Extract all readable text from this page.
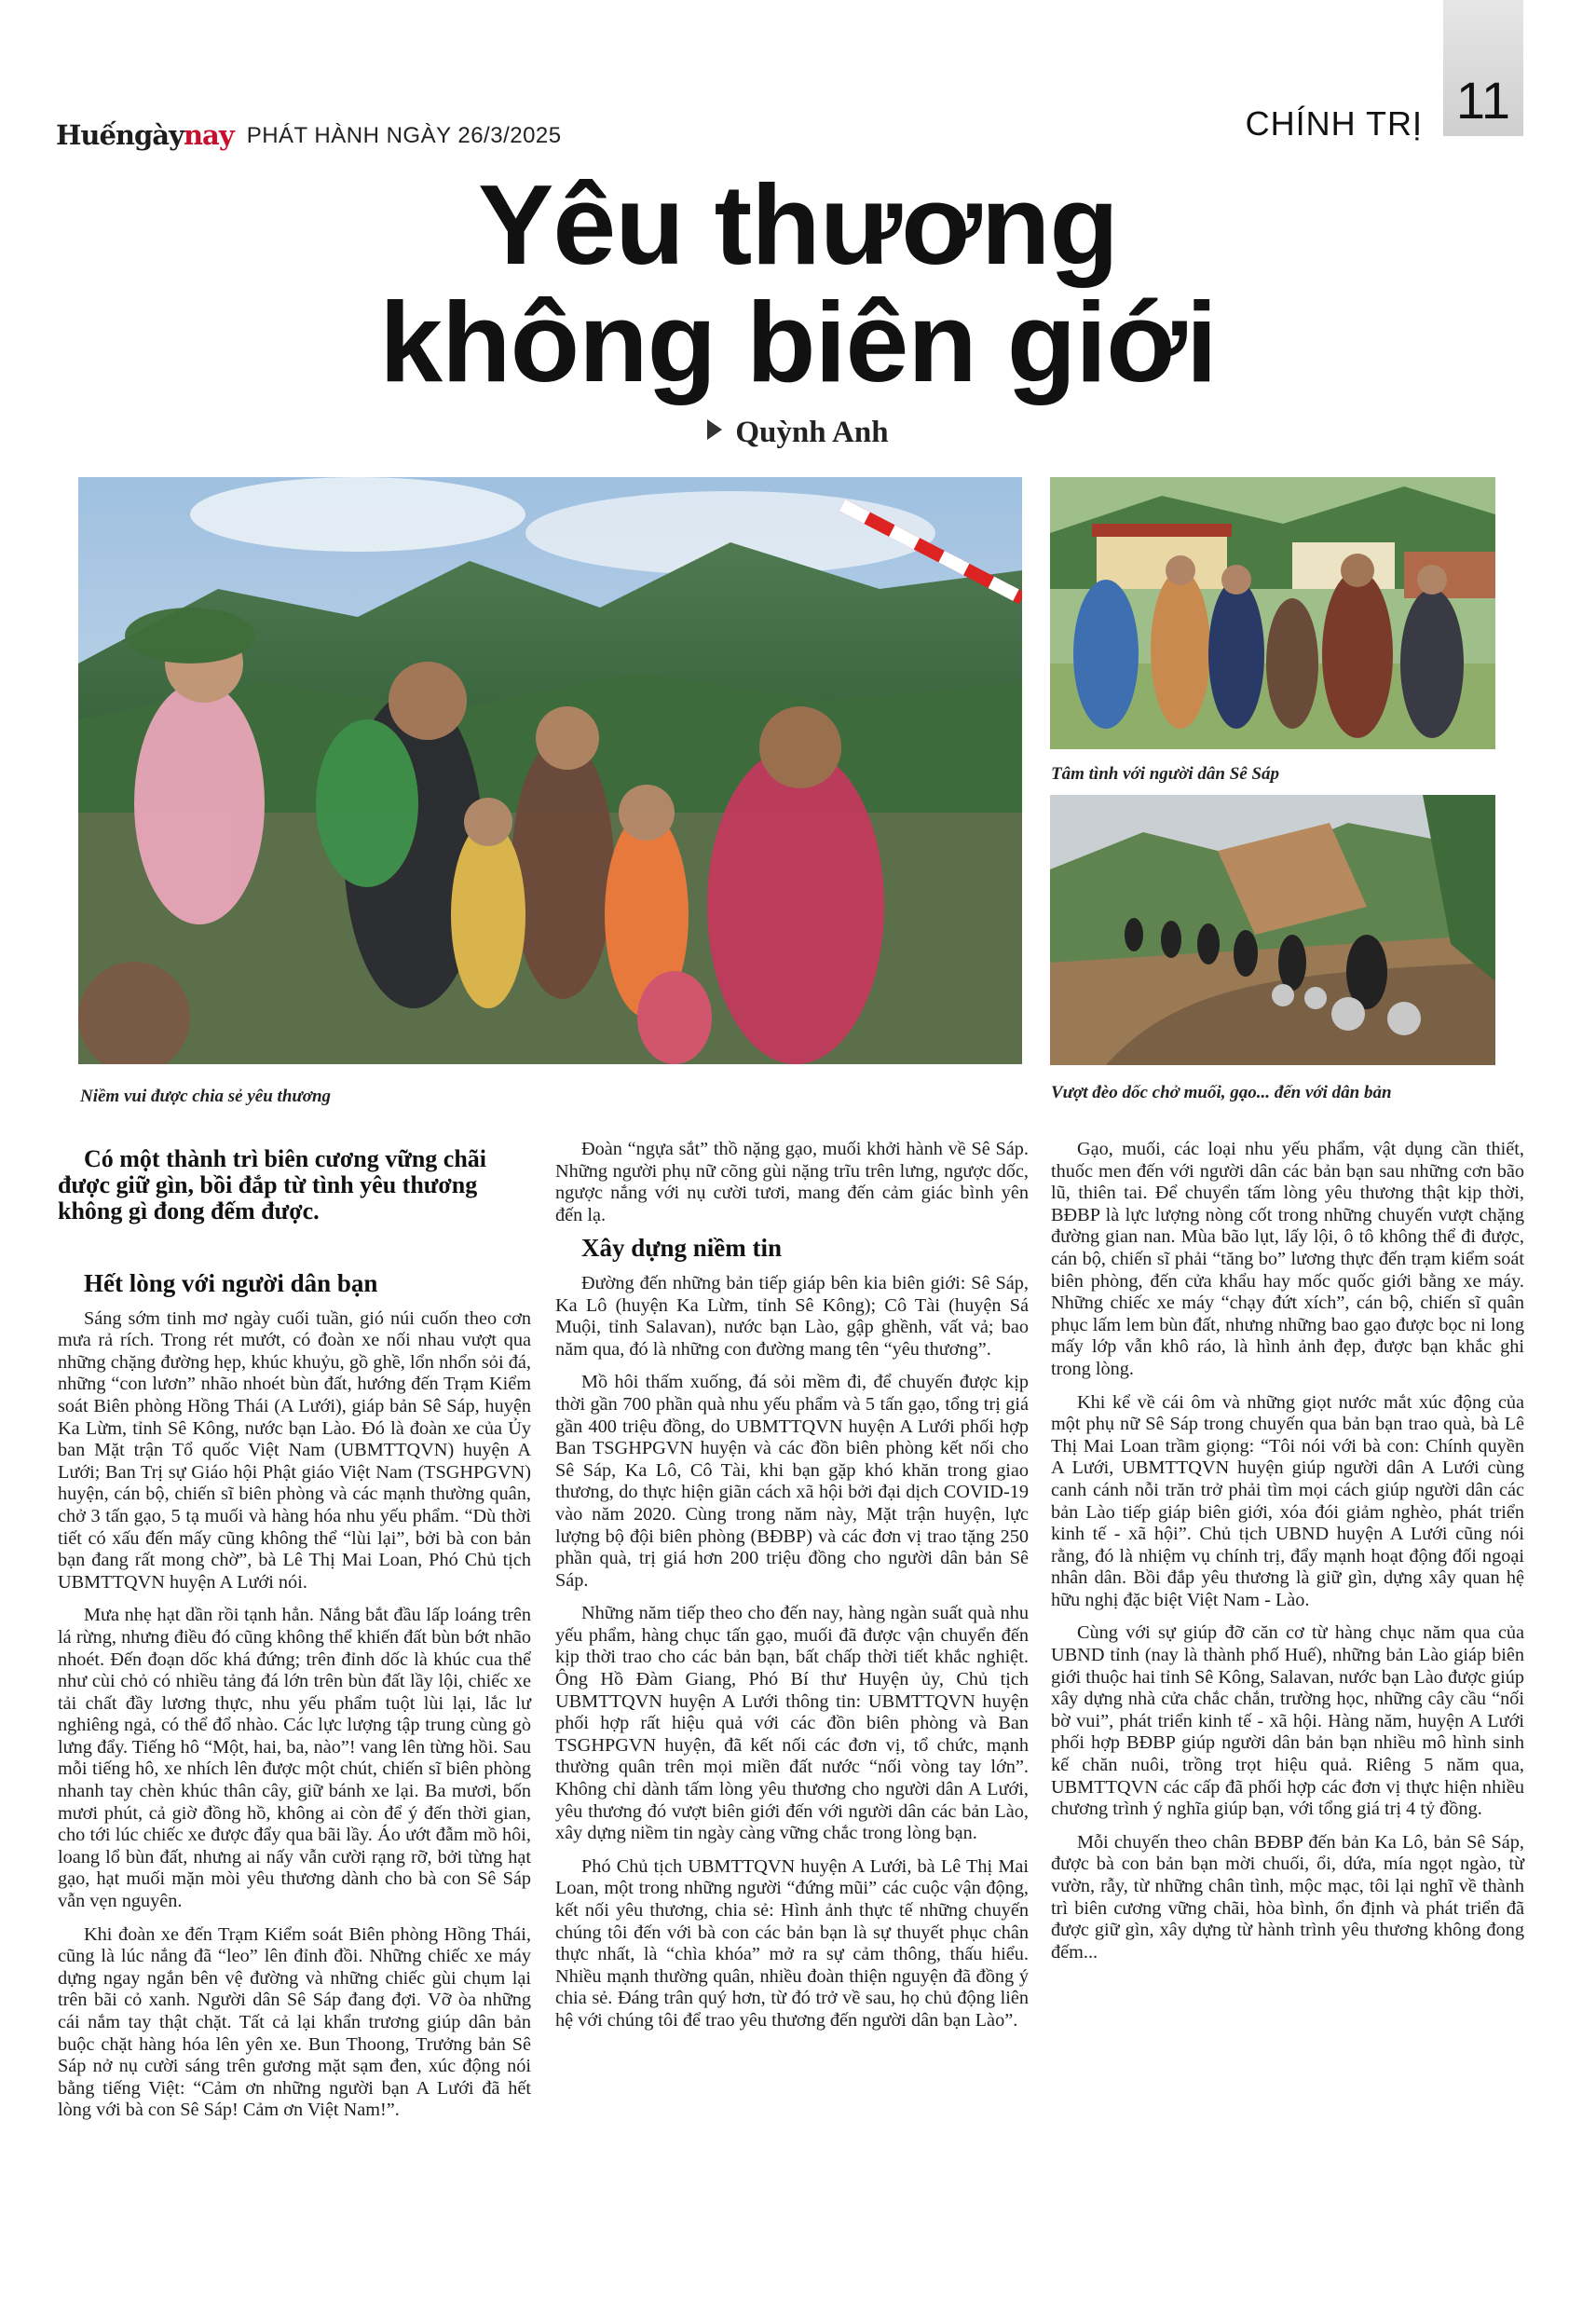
Huếngàynay PHÁT HÀNH NGÀY 26/3/2025	CHÍNH TRỊ 11
Yêu thương
không biên giới
Quỳnh Anh
Niềm vui được chia sẻ yêu thương
Tâm tình với người dân Sê Sáp
Vượt đèo dốc chở muối, gạo... đến với dân bản

Có một thành trì biên cương vững chãi được giữ gìn, bồi đắp từ tình yêu thương không gì đong đếm được.

Hết lòng với người dân bạn

Sáng sớm tinh mơ ngày cuối tuần, gió núi cuốn theo cơn mưa rả rích. Trong rét mướt, có đoàn xe nối nhau vượt qua những chặng đường hẹp, khúc khuỷu, gồ ghề, lổn nhổn sỏi đá, những “con lươn” nhão nhoét bùn đất, hướng đến Trạm Kiểm soát Biên phòng Hồng Thái (A Lưới), giáp bản Sê Sáp, huyện Ka Lừm, tỉnh Sê Kông, nước bạn Lào. Đó là đoàn xe của Ủy ban Mặt trận Tổ quốc Việt Nam (UBMTTQVN) huyện A Lưới; Ban Trị sự Giáo hội Phật giáo Việt Nam (TSGHPGVN) huyện, cán bộ, chiến sĩ biên phòng và các mạnh thường quân, chở 3 tấn gạo, 5 tạ muối và hàng hóa nhu yếu phẩm. “Dù thời tiết có xấu đến mấy cũng không thể “lùi lại”, bởi bà con bản bạn đang rất mong chờ”, bà Lê Thị Mai Loan, Phó Chủ tịch UBMTTQVN huyện A Lưới nói.

Mưa nhẹ hạt dần rồi tạnh hẳn. Nắng bắt đầu lấp loáng trên lá rừng, nhưng điều đó cũng không thể khiến đất bùn bớt nhão nhoét. Đến đoạn dốc khá đứng; trên đỉnh dốc là khúc cua thể như cùi chỏ có nhiều tảng đá lớn trên bùn đất lầy lội, chiếc xe tải chất đầy lương thực, nhu yếu phẩm tuột lùi lại, lắc lư nghiêng ngả, có thể đổ nhào. Các lực lượng tập trung cùng gò lưng đẩy. Tiếng hô “Một, hai, ba, nào”! vang lên từng hồi. Sau mỗi tiếng hô, xe nhích lên được một chút, chiến sĩ biên phòng nhanh tay chèn khúc thân cây, giữ bánh xe lại. Ba mươi, bốn mươi phút, cả giờ đồng hồ, không ai còn để ý đến thời gian, cho tới lúc chiếc xe được đẩy qua bãi lầy. Áo ướt đẫm mồ hôi, loang lổ bùn đất, nhưng ai nấy vẫn cười rạng rỡ, bởi từng hạt gạo, hạt muối mặn mòi yêu thương dành cho bà con Sê Sáp vẫn vẹn nguyên.

Khi đoàn xe đến Trạm Kiểm soát Biên phòng Hồng Thái, cũng là lúc nắng đã “leo” lên đỉnh đồi. Những chiếc xe máy dựng ngay ngắn bên vệ đường và những chiếc gùi chụm lại trên bãi cỏ xanh. Người dân Sê Sáp đang đợi. Vỡ òa những cái nắm tay thật chặt. Tất cả lại khẩn trương giúp dân bản buộc chặt hàng hóa lên yên xe. Bun Thoong, Trưởng bản Sê Sáp nở nụ cười sáng trên gương mặt sạm đen, xúc động nói bằng tiếng Việt: “Cảm ơn những người bạn A Lưới đã hết lòng với bà con Sê Sáp! Cảm ơn Việt Nam!”.

Đoàn “ngựa sắt” thồ nặng gạo, muối khởi hành về Sê Sáp. Những người phụ nữ cõng gùi nặng trĩu trên lưng, ngược dốc, ngược nắng với nụ cười tươi, mang đến cảm giác bình yên đến lạ.

Xây dựng niềm tin

Đường đến những bản tiếp giáp bên kia biên giới: Sê Sáp, Ka Lô (huyện Ka Lừm, tỉnh Sê Kông); Cô Tài (huyện Sá Muội, tỉnh Salavan), nước bạn Lào, gập ghềnh, vất vả; bao năm qua, đó là những con đường mang tên “yêu thương”.

Mồ hôi thấm xuống, đá sỏi mềm đi, để chuyến được kịp thời gần 700 phần quà nhu yếu phẩm và 5 tấn gạo, tổng trị giá gần 400 triệu đồng, do UBMTTQVN huyện A Lưới phối hợp Ban TSGHPGVN huyện và các đồn biên phòng kết nối cho Sê Sáp, Ka Lô, Cô Tài, khi bạn gặp khó khăn trong giao thương, do thực hiện giãn cách xã hội bởi đại dịch COVID-19 vào năm 2020. Cùng trong năm này, Mặt trận huyện, lực lượng bộ đội biên phòng (BĐBP) và các đơn vị trao tặng 250 phần quà, trị giá hơn 200 triệu đồng cho người dân bản Sê Sáp.

Những năm tiếp theo cho đến nay, hàng ngàn suất quà nhu yếu phẩm, hàng chục tấn gạo, muối đã được vận chuyển đến kịp thời trao cho các bản bạn, bất chấp thời tiết khắc nghiệt. Ông Hồ Đàm Giang, Phó Bí thư Huyện ủy, Chủ tịch UBMTTQVN huyện A Lưới thông tin: UBMTTQVN huyện phối hợp rất hiệu quả với các đồn biên phòng và Ban TSGHPGVN huyện, đã kết nối các đơn vị, tổ chức, mạnh thường quân trên mọi miền đất nước “nối vòng tay lớn”. Không chỉ dành tấm lòng yêu thương cho người dân A Lưới, yêu thương đó vượt biên giới đến với người dân các bản Lào, xây dựng niềm tin ngày càng vững chắc trong lòng bạn.

Phó Chủ tịch UBMTTQVN huyện A Lưới, bà Lê Thị Mai Loan, một trong những người “đứng mũi” các cuộc vận động, kết nối yêu thương, chia sẻ: Hình ảnh thực tế những chuyến chúng tôi đến với bà con các bản bạn là sự thuyết phục chân thực nhất, là “chìa khóa” mở ra sự cảm thông, thấu hiểu. Nhiều mạnh thường quân, nhiều đoàn thiện nguyện đã đồng ý chia sẻ. Đáng trân quý hơn, từ đó trở về sau, họ chủ động liên hệ với chúng tôi để trao yêu thương đến người dân bạn Lào”.

Gạo, muối, các loại nhu yếu phẩm, vật dụng cần thiết, thuốc men đến với người dân các bản bạn sau những cơn bão lũ, thiên tai. Để chuyển tấm lòng yêu thương thật kịp thời, BĐBP là lực lượng nòng cốt trong những chuyến vượt chặng đường gian nan. Mùa bão lụt, lấy lội, ô tô không thể đi được, cán bộ, chiến sĩ phải “tăng bo” lương thực đến trạm kiểm soát biên phòng, đến cửa khẩu hay mốc quốc giới bằng xe máy. Những chiếc xe máy “chạy đứt xích”, cán bộ, chiến sĩ quân phục lấm lem bùn đất, nhưng những bao gạo được bọc ni long mấy lớp vẫn khô ráo, là hình ảnh đẹp, được bạn khắc ghi trong lòng.

Khi kể về cái ôm và những giọt nước mắt xúc động của một phụ nữ Sê Sáp trong chuyến qua bản bạn trao quà, bà Lê Thị Mai Loan trầm giọng: “Tôi nói với bà con: Chính quyền A Lưới, UBMTTQVN huyện giúp người dân A Lưới cùng canh cánh nỗi trăn trở phải tìm mọi cách giúp người dân các bản Lào tiếp giáp biên giới, xóa đói giảm nghèo, phát triển kinh tế - xã hội”. Chủ tịch UBND huyện A Lưới cũng nói rằng, đó là nhiệm vụ chính trị, đẩy mạnh hoạt động đối ngoại nhân dân. Bồi đắp yêu thương là giữ gìn, dựng xây quan hệ hữu nghị đặc biệt Việt Nam - Lào.

Cùng với sự giúp đỡ căn cơ từ hàng chục năm qua của UBND tỉnh (nay là thành phố Huế), những bản Lào giáp biên giới thuộc hai tỉnh Sê Kông, Salavan, nước bạn Lào được giúp xây dựng nhà cửa chắc chắn, trường học, những cây cầu “nối bờ vui”, phát triển kinh tế - xã hội. Hàng năm, huyện A Lưới phối hợp BĐBP giúp người dân bản bạn nhiều mô hình sinh kế chăn nuôi, trồng trọt hiệu quả. Riêng 5 năm qua, UBMTTQVN các cấp đã phối hợp các đơn vị thực hiện nhiều chương trình ý nghĩa giúp bạn, với tổng giá trị 4 tỷ đồng.

Mỗi chuyến theo chân BĐBP đến bản Ka Lô, bản Sê Sáp, được bà con bản bạn mời chuối, ổi, dứa, mía ngọt ngào, từ vườn, rẫy, từ những chân tình, mộc mạc, tôi lại nghĩ về thành trì biên cương vững chãi, hòa bình, ổn định và phát triển đã được giữ gìn, xây dựng từ hành trình yêu thương không đong đếm...
